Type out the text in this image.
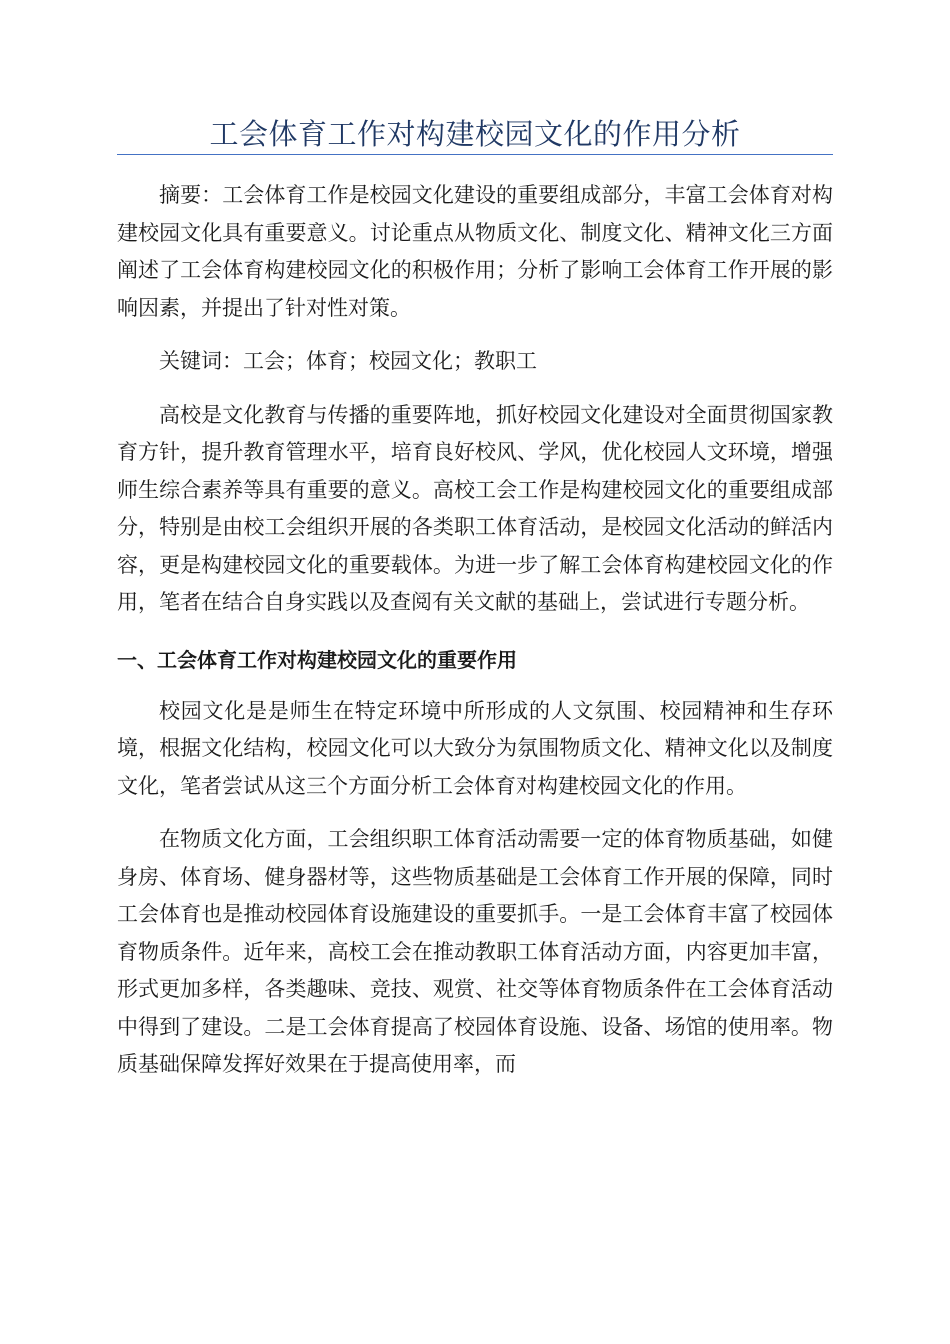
工会体育工作对构建校园文化的作用分析

摘要：工会体育工作是校园文化建设的重要组成部分，丰富工会体育对构建校园文化具有重要意义。讨论重点从物质文化、制度文化、精神文化三方面阐述了工会体育构建校园文化的积极作用；分析了影响工会体育工作开展的影响因素，并提出了针对性对策。

关键词：工会；体育；校园文化；教职工

高校是文化教育与传播的重要阵地，抓好校园文化建设对全面贯彻国家教育方针，提升教育管理水平，培育良好校风、学风，优化校园人文环境，增强师生综合素养等具有重要的意义。高校工会工作是构建校园文化的重要组成部分，特别是由校工会组织开展的各类职工体育活动，是校园文化活动的鲜活内容，更是构建校园文化的重要载体。为进一步了解工会体育构建校园文化的作用，笔者在结合自身实践以及查阅有关文献的基础上，尝试进行专题分析。

一、工会体育工作对构建校园文化的重要作用

校园文化是是师生在特定环境中所形成的人文氛围、校园精神和生存环境，根据文化结构，校园文化可以大致分为氛围物质文化、精神文化以及制度文化，笔者尝试从这三个方面分析工会体育对构建校园文化的作用。

在物质文化方面，工会组织职工体育活动需要一定的体育物质基础，如健身房、体育场、健身器材等，这些物质基础是工会体育工作开展的保障，同时工会体育也是推动校园体育设施建设的重要抓手。一是工会体育丰富了校园体育物质条件。近年来，高校工会在推动教职工体育活动方面，内容更加丰富，形式更加多样，各类趣味、竞技、观赏、社交等体育物质条件在工会体育活动中得到了建设。二是工会体育提高了校园体育设施、设备、场馆的使用率。物质基础保障发挥好效果在于提高使用率，而
